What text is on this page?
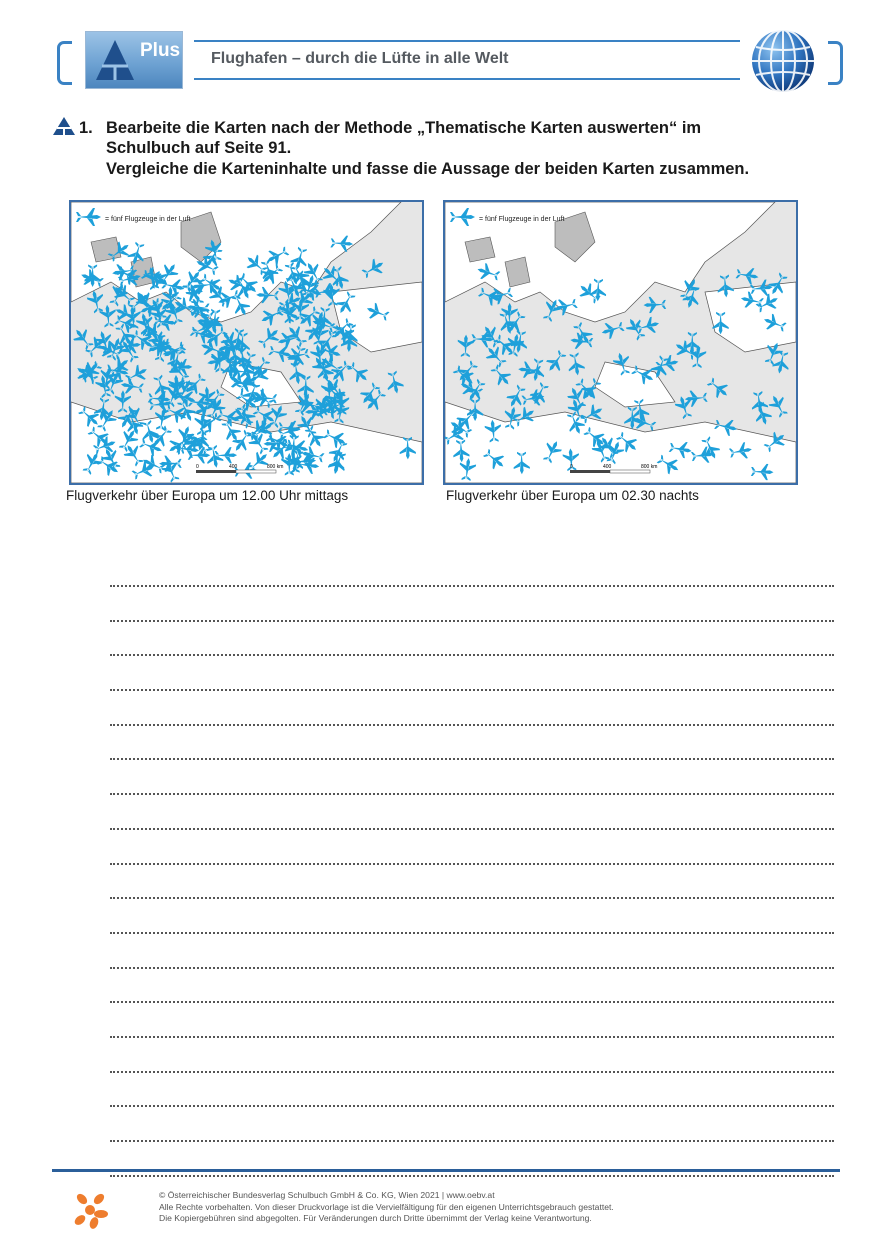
Plus Flughafen – durch die Lüfte in alle Welt
1. Bearbeite die Karten nach der Methode „Thematische Karten auswerten“ im
Schulbuch auf Seite 91.
Vergleiche die Karteninhalte und fasse die Aussage der beiden Karten zusammen.
= fünf Flugzeuge in der Luft
0	400	800 km
Flugverkehr über Europa um 12.00 Uhr mittags
= fünf Flugzeuge in der Luft
0	400	800 km
Flugverkehr über Europa um 02.30 nachts
© Österreichischer Bundesverlag Schulbuch GmbH & Co. KG, Wien 2021 | www.oebv.at
Alle Rechte vorbehalten. Von dieser Druckvorlage ist die Vervielfältigung für den eigenen Unterrichtsgebrauch gestattet.
Die Kopiergebühren sind abgegolten. Für Veränderungen durch Dritte übernimmt der Verlag keine Verantwortung.
